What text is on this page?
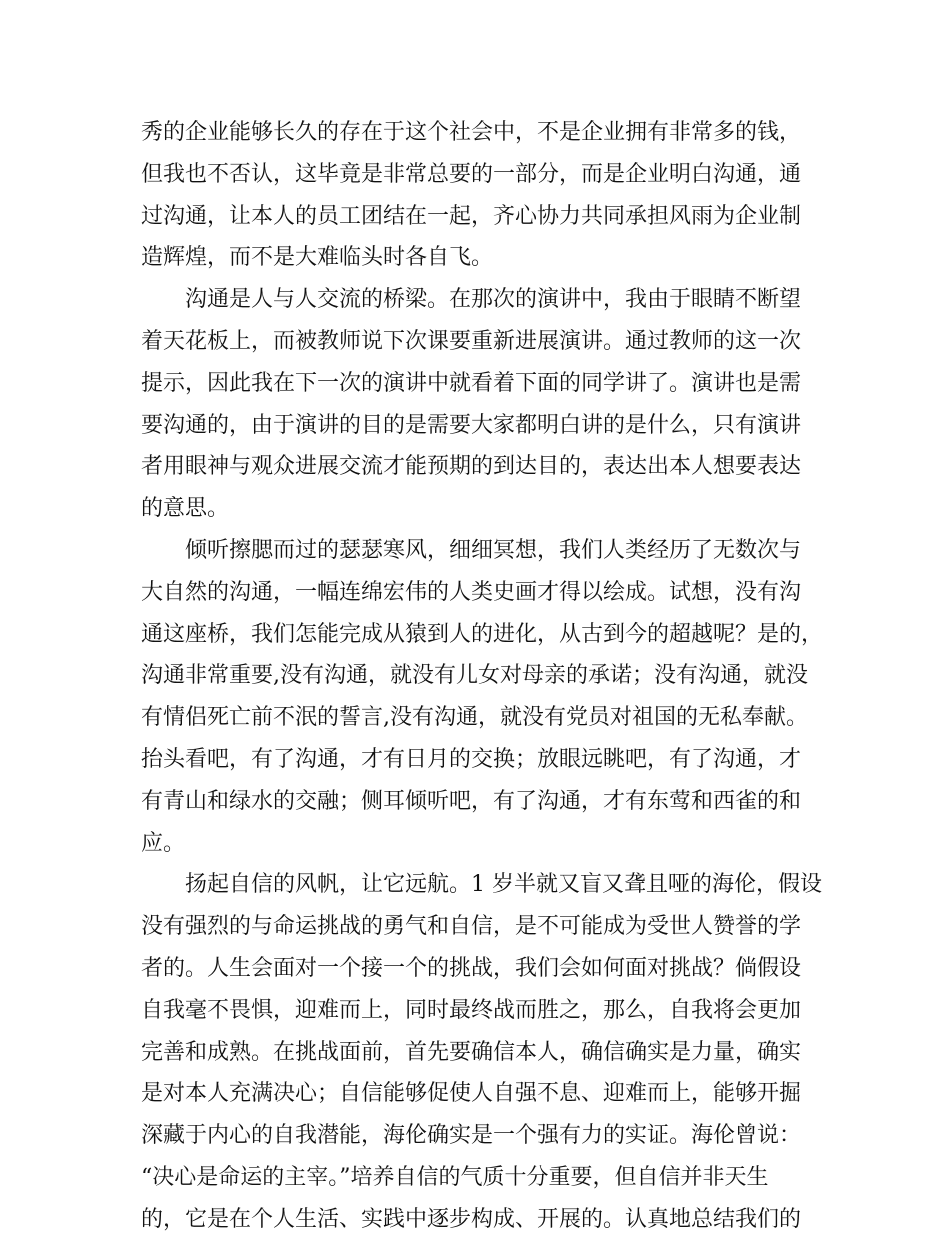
秀的企业能够长久的存在于这个社会中，不是企业拥有非常多的钱，
但我也不否认，这毕竟是非常总要的一部分，而是企业明白沟通，通
过沟通，让本人的员工团结在一起，齐心协力共同承担风雨为企业制
造辉煌，而不是大难临头时各自飞。
沟通是人与人交流的桥梁。在那次的演讲中，我由于眼睛不断望
着天花板上，而被教师说下次课要重新进展演讲。通过教师的这一次
提示，因此我在下一次的演讲中就看着下面的同学讲了。演讲也是需
要沟通的，由于演讲的目的是需要大家都明白讲的是什么，只有演讲
者用眼神与观众进展交流才能预期的到达目的，表达出本人想要表达
的意思。
倾听擦腮而过的瑟瑟寒风，细细冥想，我们人类经历了无数次与
大自然的沟通，一幅连绵宏伟的人类史画才得以绘成。试想，没有沟
通这座桥，我们怎能完成从猿到人的进化，从古到今的超越呢？是的，
沟通非常重要,没有沟通，就没有儿女对母亲的承诺；没有沟通，就没
有情侣死亡前不泯的誓言,没有沟通，就没有党员对祖国的无私奉献。
抬头看吧，有了沟通，才有日月的交换；放眼远眺吧，有了沟通，才
有青山和绿水的交融；侧耳倾听吧，有了沟通，才有东莺和西雀的和
应。
扬起自信的风帆，让它远航。1 岁半就又盲又聋且哑的海伦，假设
没有强烈的与命运挑战的勇气和自信，是不可能成为受世人赞誉的学
者的。人生会面对一个接一个的挑战，我们会如何面对挑战？倘假设
自我毫不畏惧，迎难而上，同时最终战而胜之，那么，自我将会更加
完善和成熟。在挑战面前，首先要确信本人，确信确实是力量，确实
是对本人充满决心；自信能够促使人自强不息、迎难而上，能够开掘
深藏于内心的自我潜能，海伦确实是一个强有力的实证。海伦曾说：
“决心是命运的主宰。”培养自信的气质十分重要，但自信并非天生
的，它是在个人生活、实践中逐步构成、开展的。认真地总结我们的
